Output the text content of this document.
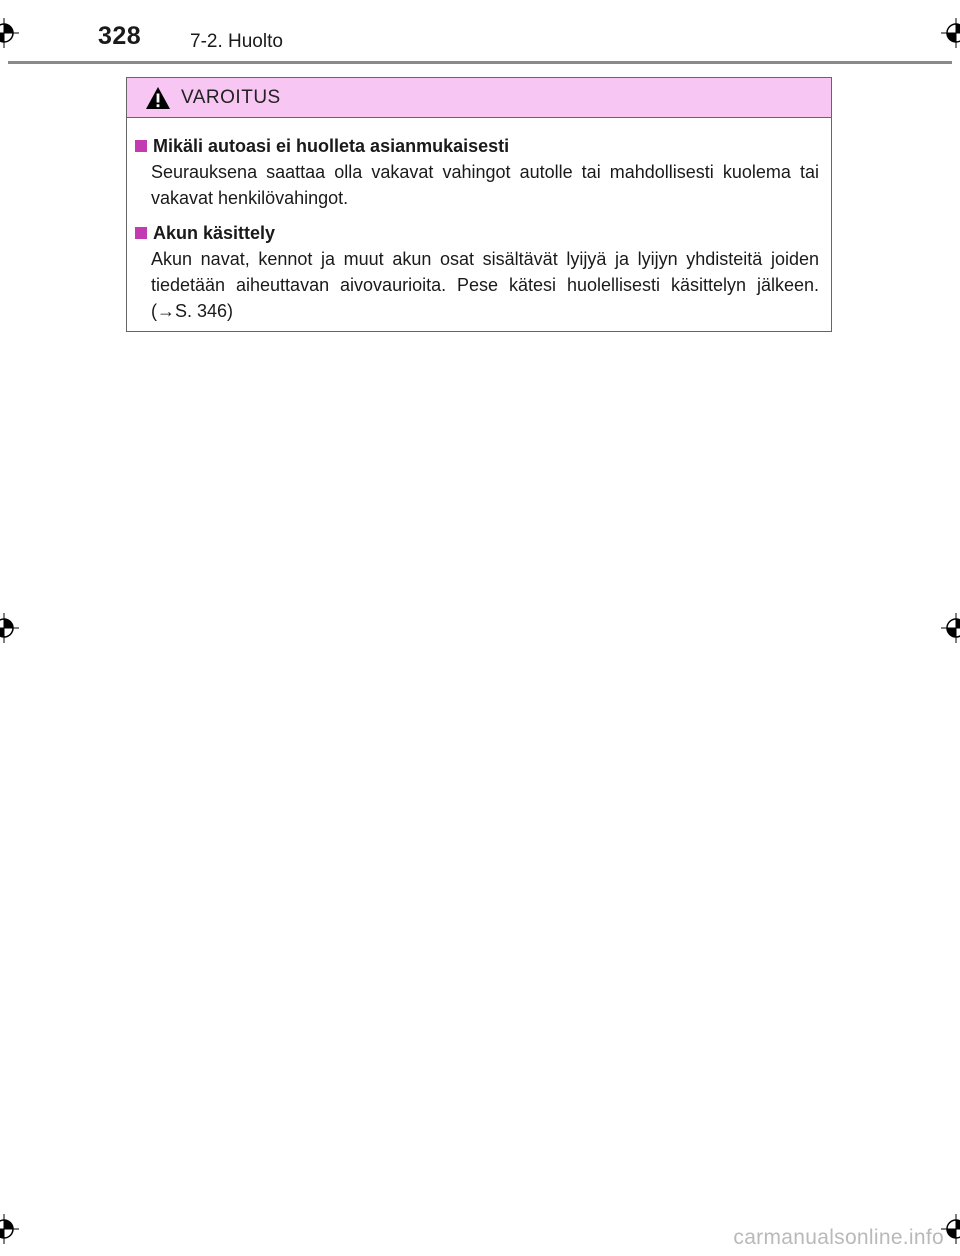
328	7-2. Huolto
VAROITUS
Mikäli autoasi ei huolleta asianmukaisesti
Seurauksena saattaa olla vakavat vahingot autolle tai mahdollisesti kuolema tai vakavat henkilövahingot.
Akun käsittely
Akun navat, kennot ja muut akun osat sisältävät lyijyä ja lyijyn yhdisteitä joiden tiedetään aiheuttavan aivovaurioita. Pese kätesi huolellisesti käsittelyn jälkeen. (→S. 346)
carmanualsonline.info
